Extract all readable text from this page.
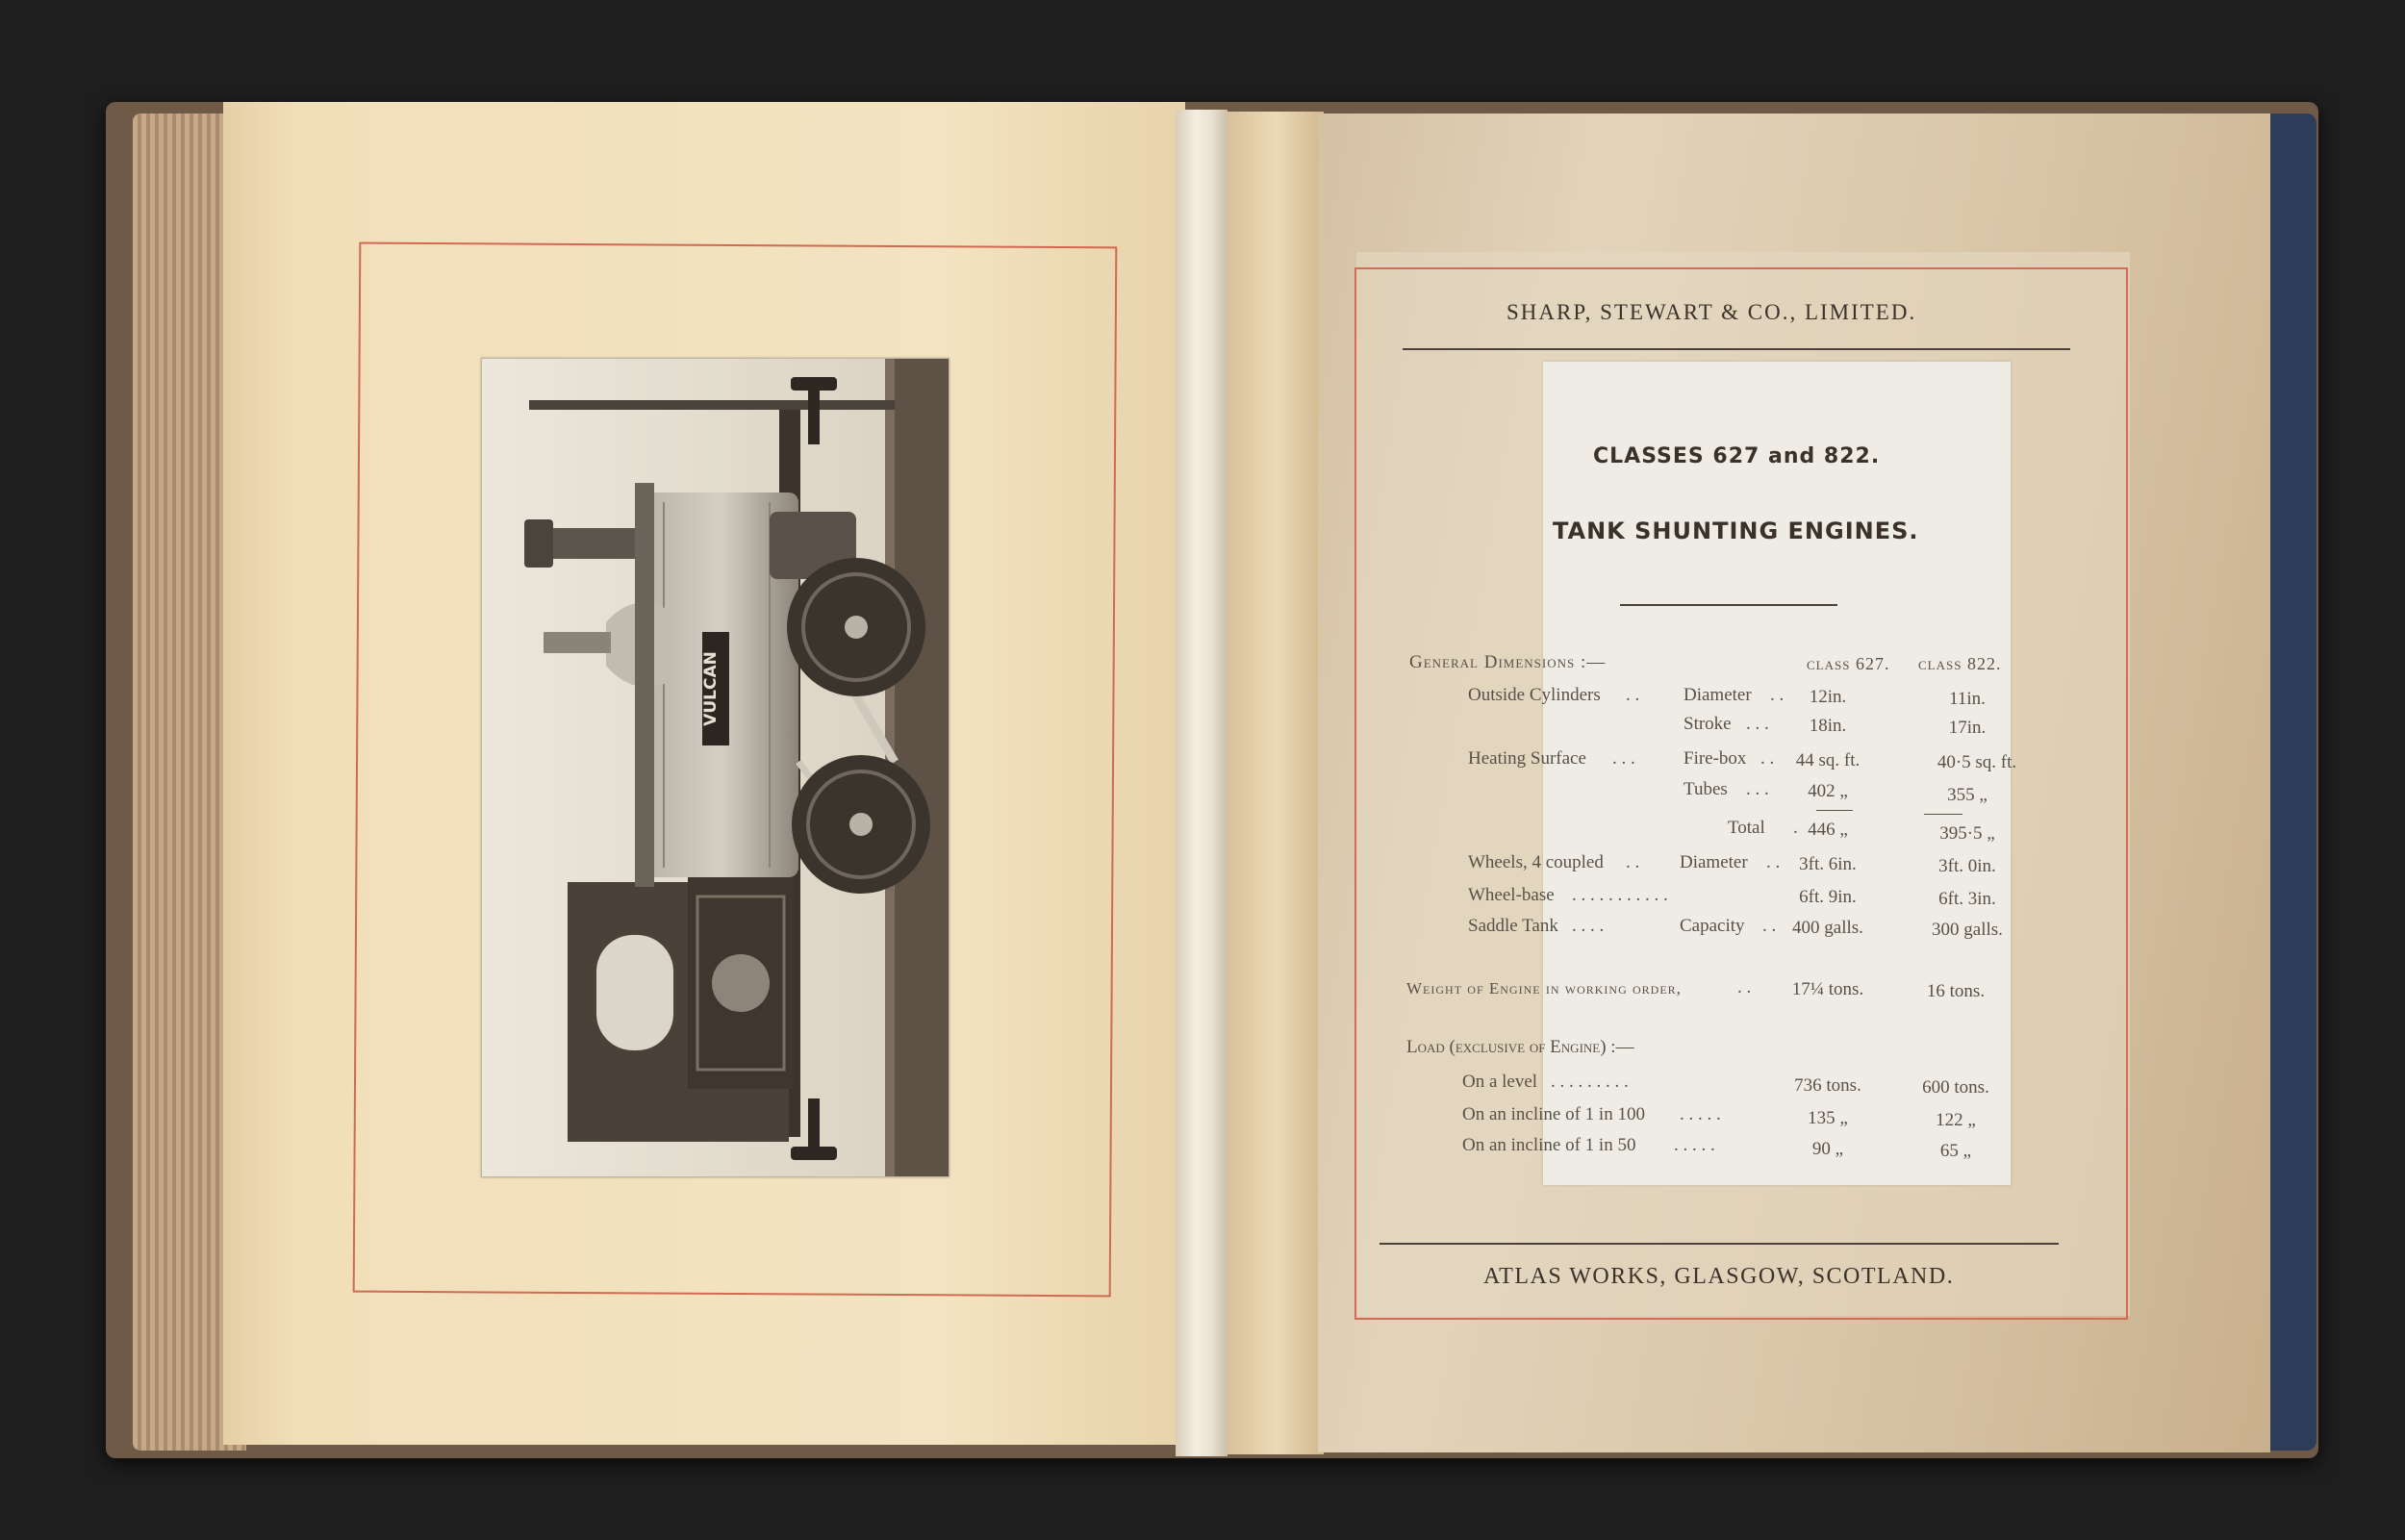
VULCAN
SHARP, STEWART & CO., LIMITED.
CLASSES 627 and 822.
TANK SHUNTING ENGINES.
General Dimensions :—	class 627. class 822.
Outside Cylinders . . Diameter . .	12in.	11in.
Stroke . . .	18in.	17in.
Heating Surface . . .	Fire-box . .	44 sq. ft.	40·5 sq. ft.
Tubes . . .	402 „	355 „
Total . 446 „	395·5 „
Wheels, 4 coupled . . Diameter . .	3ft. 6in.	3ft. 0in.
Wheel-base . . . . . . . . . . .	6ft. 9in.	6ft. 3in.
Saddle Tank . . . .	Capacity . . 400 galls.	300 galls.
Weight of Engine in working order,	. .	17¼ tons.	16 tons.
Load (exclusive of Engine) :—
On a level . . . . . . . . .	736 tons.	600 tons.
On an incline of 1 in 100 . . . . .	135 „	122 „
On an incline of 1 in 50 . . . . .	90 „	65 „
ATLAS WORKS, GLASGOW, SCOTLAND.
